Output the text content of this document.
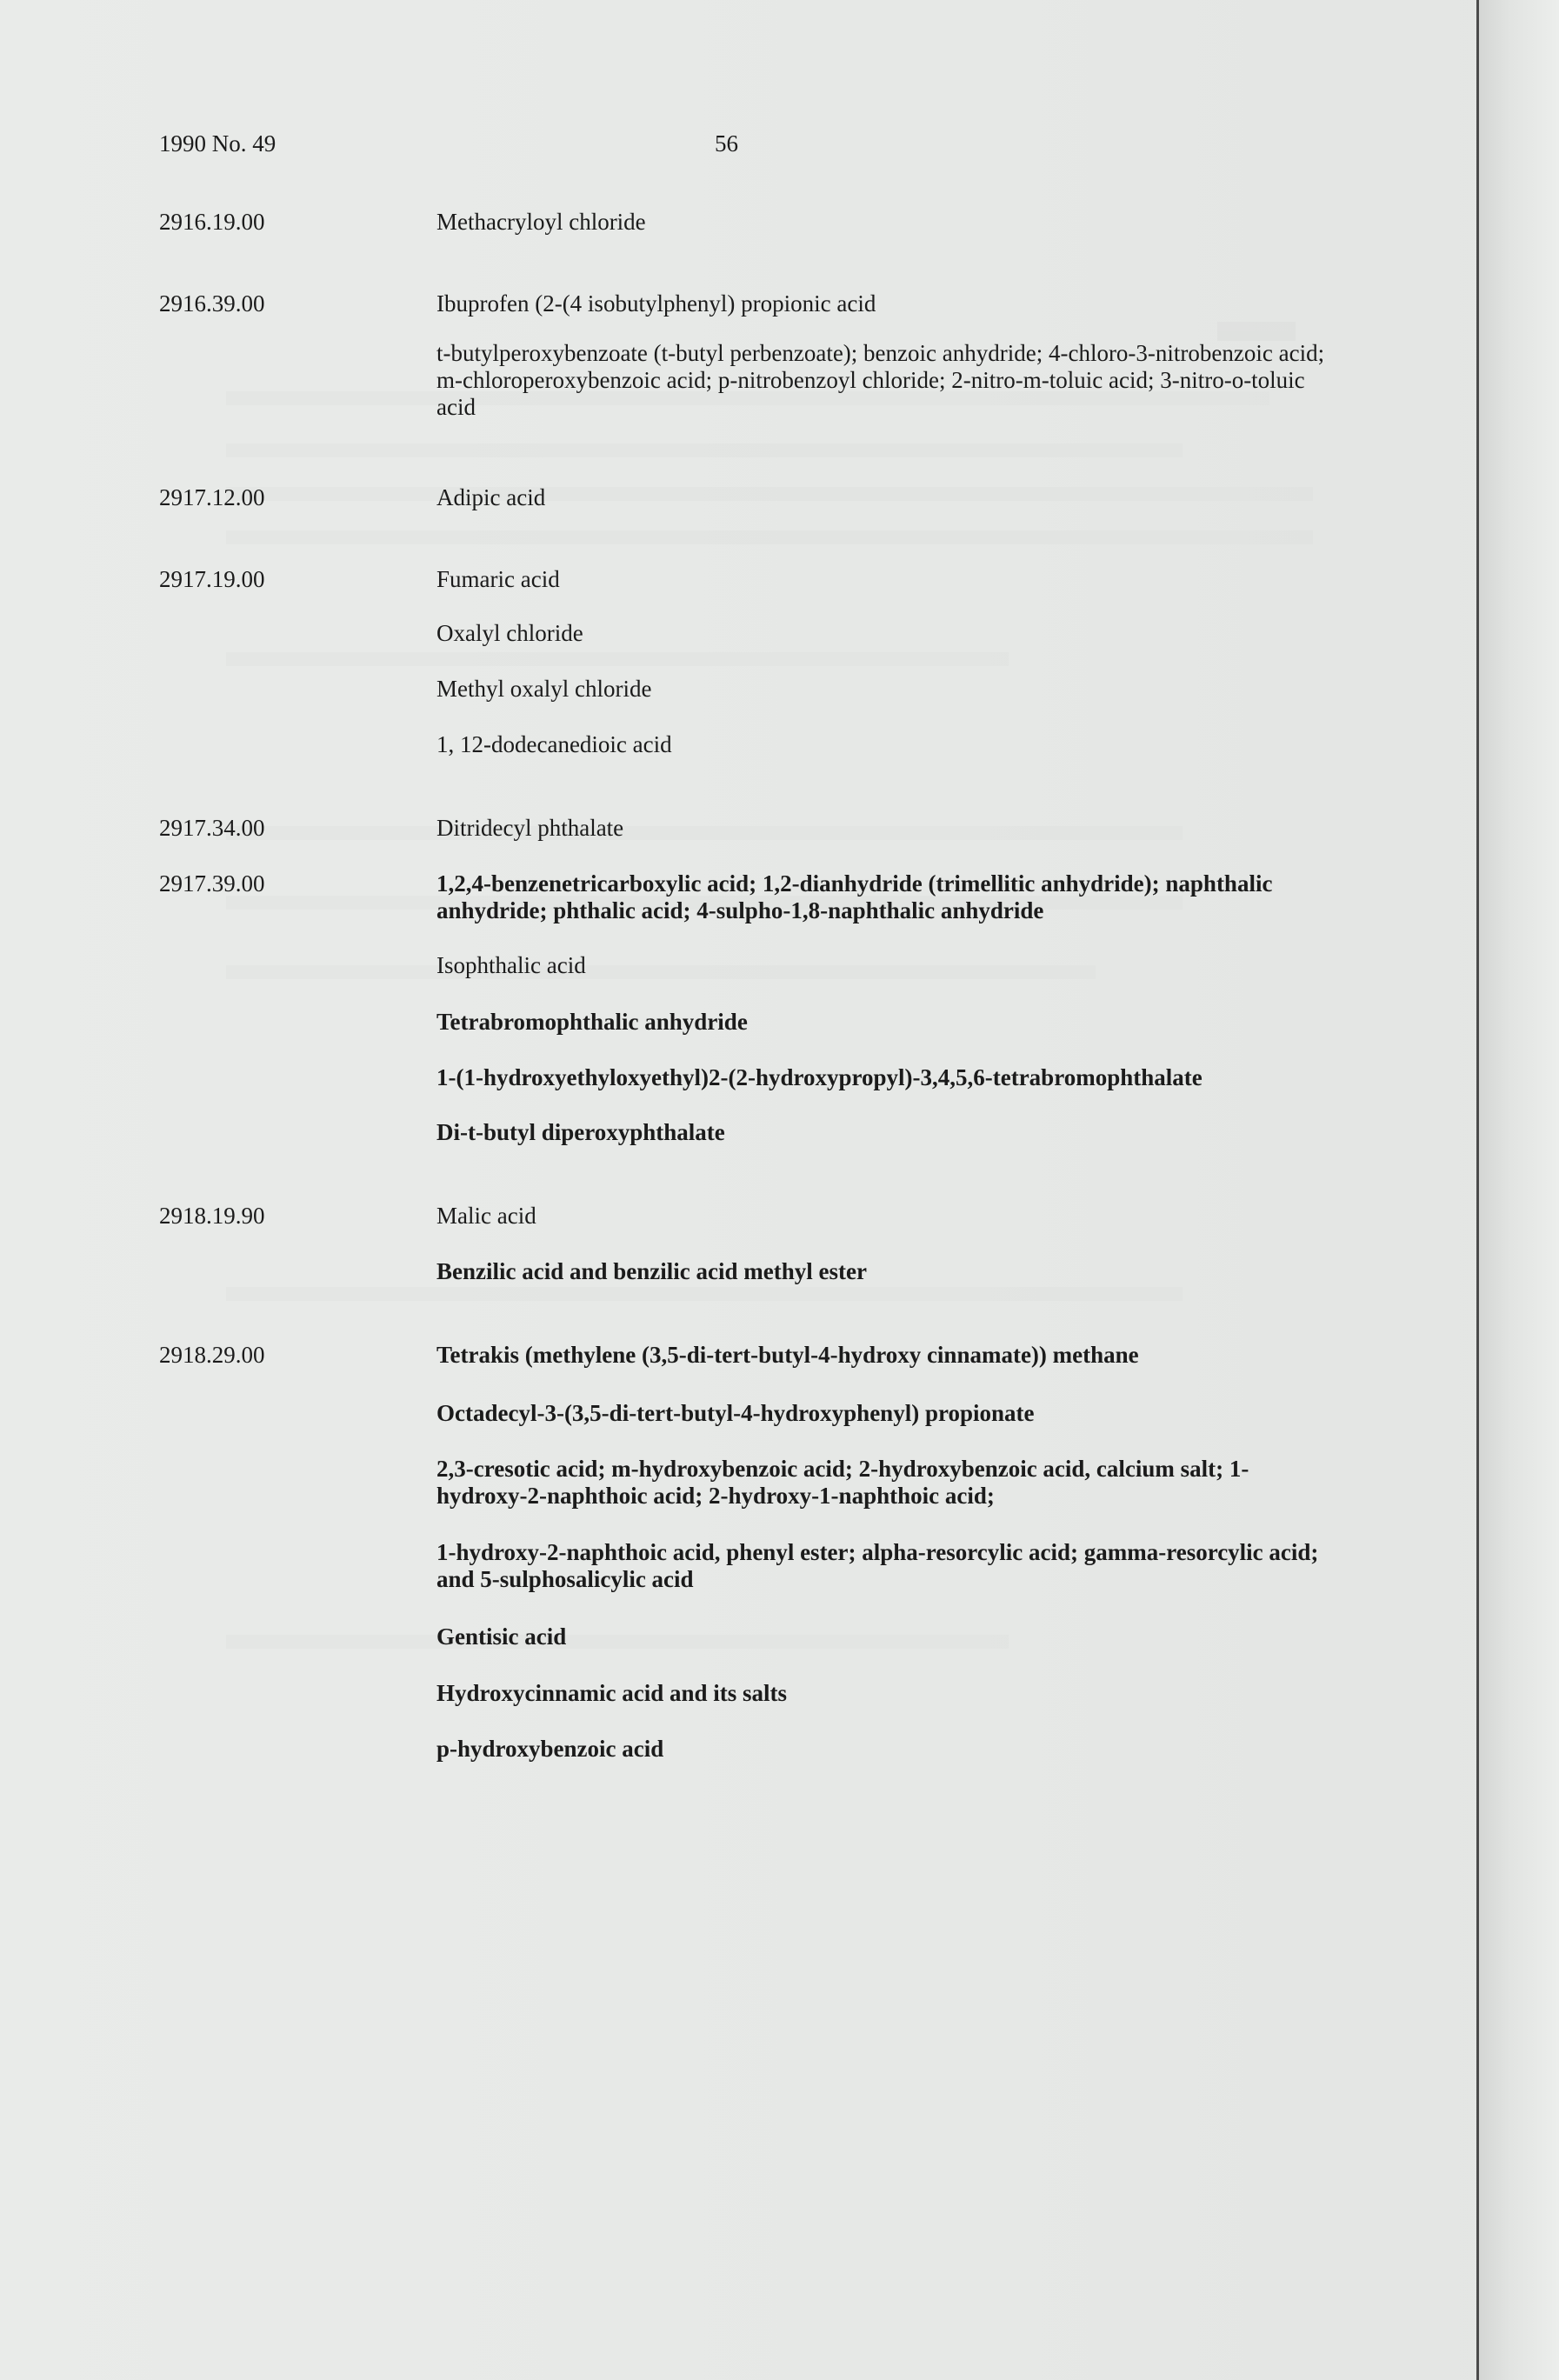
1990 No. 49	56
2916.19.00	Methacryloyl chloride
2916.39.00	Ibuprofen (2-(4 isobutylphenyl) propionic acid
t-butylperoxybenzoate (t-butyl perbenzoate); benzoic anhydride; 4-chloro-3-nitrobenzoic acid; m-chloroperoxybenzoic acid; p-nitrobenzoyl chloride; 2-nitro-m-toluic acid; 3-nitro-o-toluic acid
2917.12.00	Adipic acid
2917.19.00	Fumaric acid
Oxalyl chloride
Methyl oxalyl chloride
1, 12-dodecanedioic acid
2917.34.00	Ditridecyl phthalate
2917.39.00	1,2,4-benzenetricarboxylic acid; 1,2-dianhydride (trimellitic anhydride); naphthalic anhydride; phthalic acid; 4-sulpho-1,8-naphthalic anhydride
Isophthalic acid
Tetrabromophthalic anhydride
1-(1-hydroxyethyloxyethyl)2-(2-hydroxypropyl)-3,4,5,6-tetrabromophthalate
Di-t-butyl diperoxyphthalate
2918.19.90	Malic acid
Benzilic acid and benzilic acid methyl ester
2918.29.00	Tetrakis (methylene (3,5-di-tert-butyl-4-hydroxy cinnamate)) methane
Octadecyl-3-(3,5-di-tert-butyl-4-hydroxyphenyl) propionate
2,3-cresotic acid; m-hydroxybenzoic acid; 2-hydroxybenzoic acid, calcium salt; 1-hydroxy-2-naphthoic acid; 2-hydroxy-1-naphthoic acid;
1-hydroxy-2-naphthoic acid, phenyl ester; alpha-resorcylic acid; gamma-resorcylic acid; and 5-sulphosalicylic acid
Gentisic acid
Hydroxycinnamic acid and its salts
p-hydroxybenzoic acid
